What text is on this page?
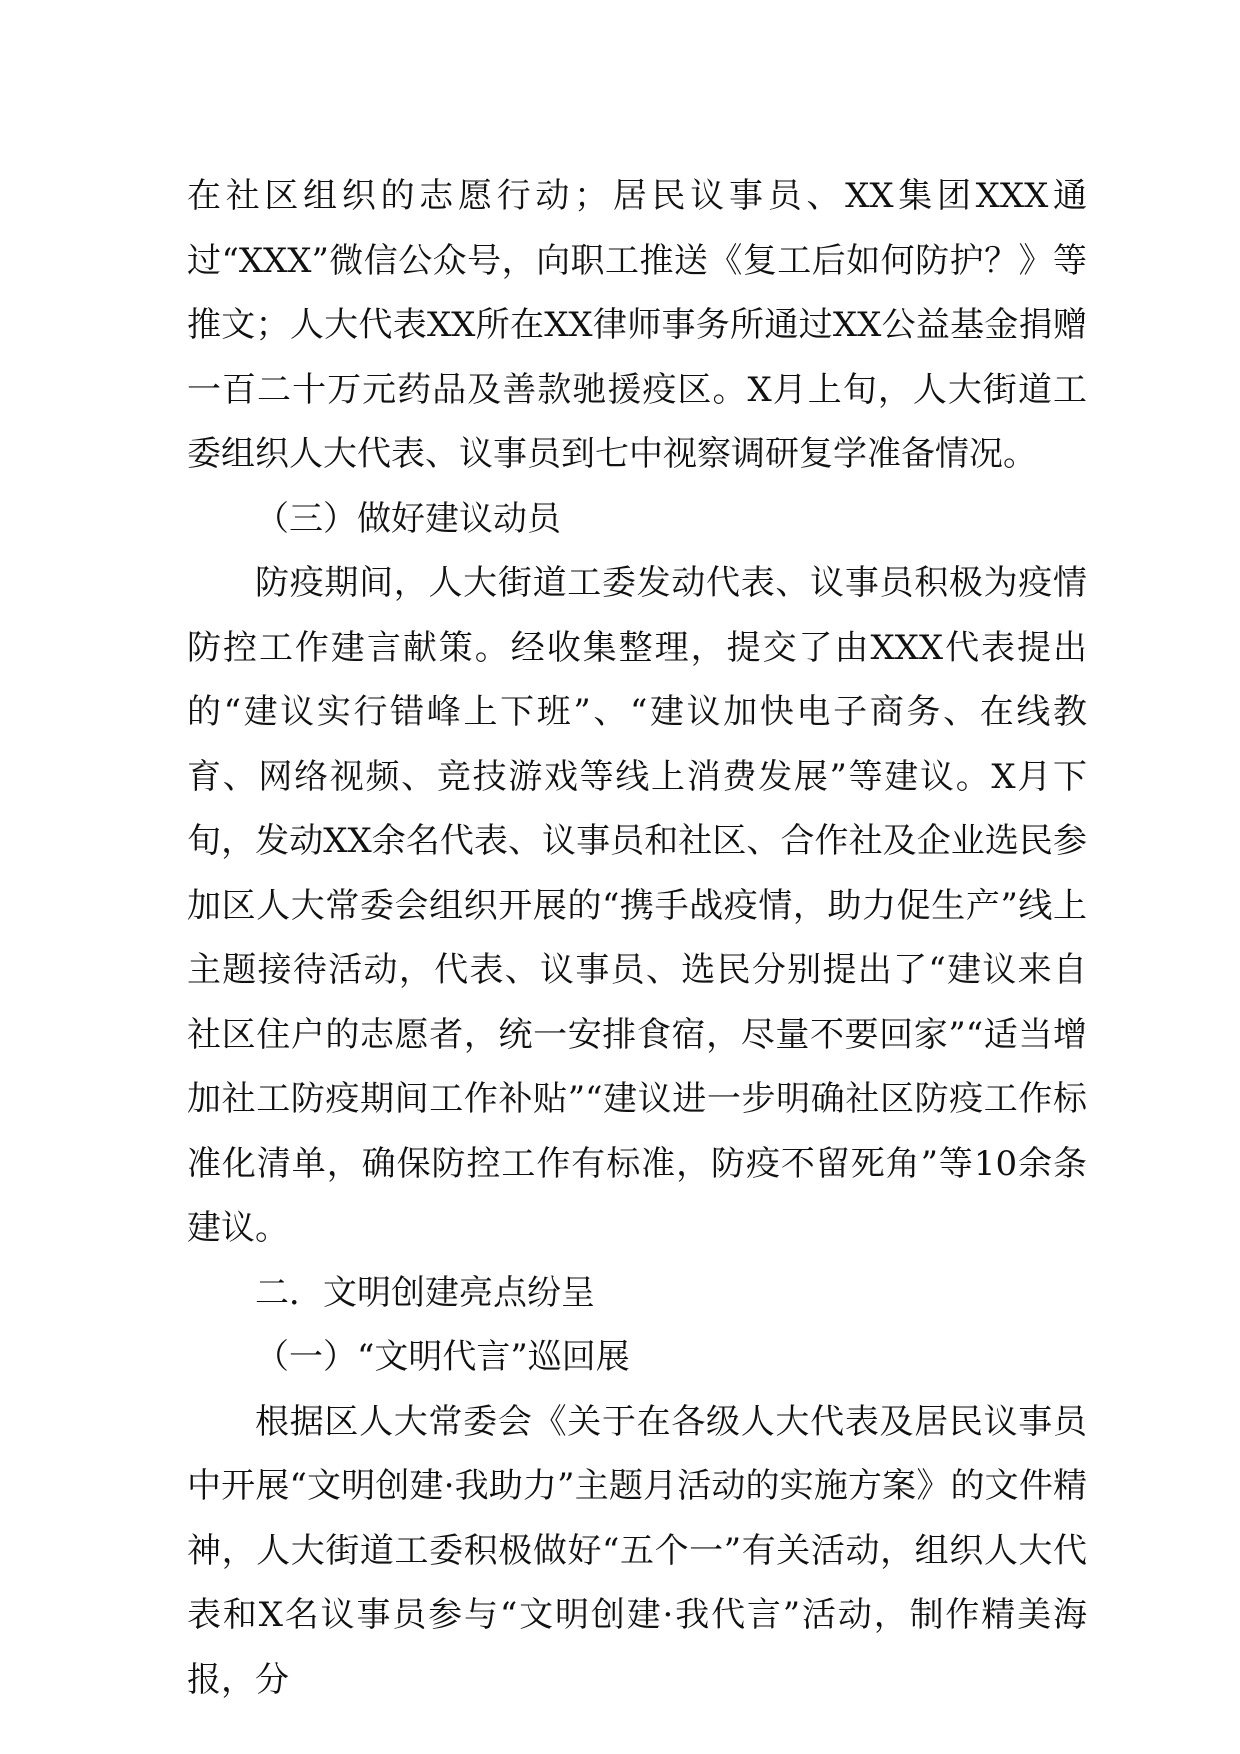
在社区组织的志愿行动；居民议事员、XX集团XXX通过“XXX”微信公众号，向职工推送《复工后如何防护？》等推文；人大代表XX所在XX律师事务所通过XX公益基金捐赠一百二十万元药品及善款驰援疫区。X月上旬，人大街道工委组织人大代表、议事员到七中视察调研复学准备情况。

（三）做好建议动员

防疫期间，人大街道工委发动代表、议事员积极为疫情防控工作建言献策。经收集整理，提交了由XXX代表提出的“建议实行错峰上下班”、“建议加快电子商务、在线教育、网络视频、竞技游戏等线上消费发展”等建议。X月下旬，发动XX余名代表、议事员和社区、合作社及企业选民参加区人大常委会组织开展的“携手战疫情，助力促生产”线上主题接待活动，代表、议事员、选民分别提出了“建议来自社区住户的志愿者，统一安排食宿，尽量不要回家”“适当增加社工防疫期间工作补贴”“建议进一步明确社区防疫工作标准化清单，确保防控工作有标准，防疫不留死角”等10余条建议。

二．文明创建亮点纷呈

（一）“文明代言”巡回展

根据区人大常委会《关于在各级人大代表及居民议事员中开展“文明创建·我助力”主题月活动的实施方案》的文件精神，人大街道工委积极做好“五个一”有关活动，组织人大代表和X名议事员参与“文明创建·我代言”活动，制作精美海报，分
